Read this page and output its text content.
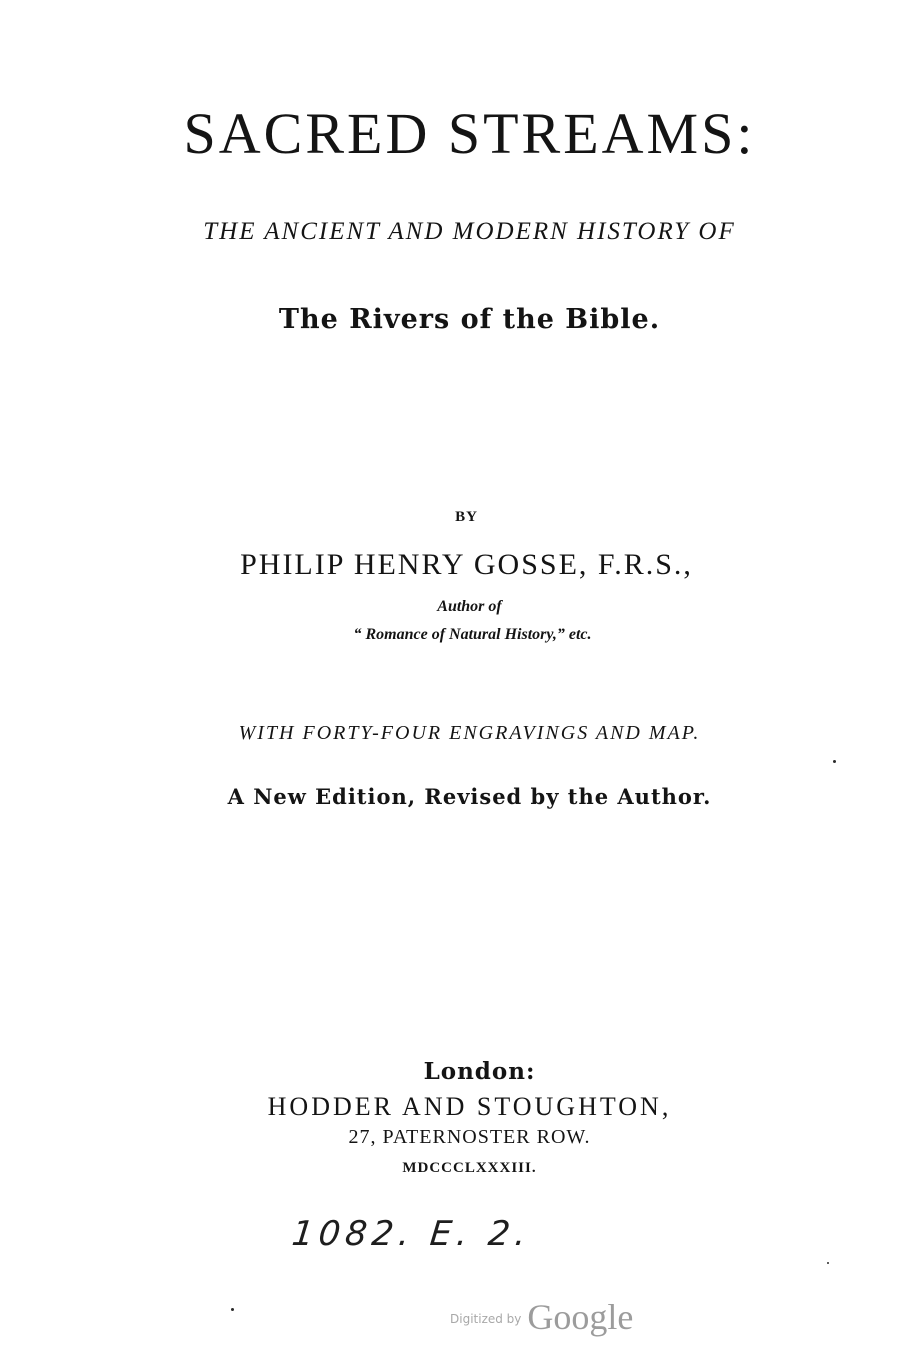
SACRED STREAMS:
THE ANCIENT AND MODERN HISTORY OF
The Rivers of the Bible.
BY
PHILIP HENRY GOSSE, F.R.S.,
Author of
“ Romance of Natural History,” etc.
WITH FORTY-FOUR ENGRAVINGS AND MAP.
A New Edition, Revised by the Author.
London:
HODDER AND STOUGHTON,
27, PATERNOSTER ROW.
MDCCCLXXXIII.
1082. E. 2.
$^{Digitized by}$ Google
